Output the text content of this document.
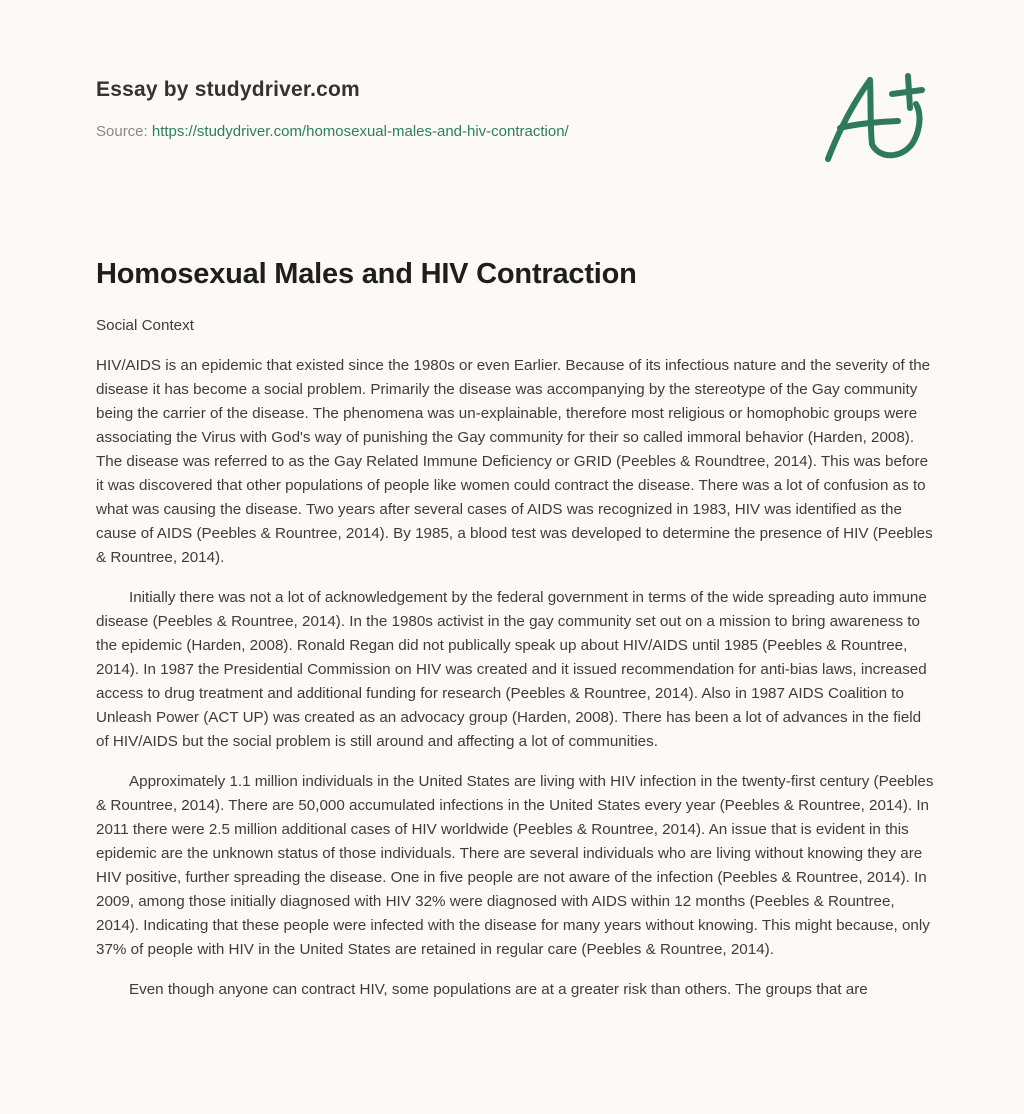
Essay by studydriver.com
Source: https://studydriver.com/homosexual-males-and-hiv-contraction/
Homosexual Males and HIV Contraction
Social Context

HIV/AIDS is an epidemic that existed since the 1980s or even Earlier. Because of its infectious nature and the severity of the disease it has become a social problem. Primarily the disease was accompanying by the stereotype of the Gay community being the carrier of the disease. The phenomena was un-explainable, therefore most religious or homophobic groups were associating the Virus with God's way of punishing the Gay community for their so called immoral behavior (Harden, 2008). The disease was referred to as the Gay Related Immune Deficiency or GRID (Peebles & Roundtree, 2014). This was before it was discovered that other populations of people like women could contract the disease. There was a lot of confusion as to what was causing the disease. Two years after several cases of AIDS was recognized in 1983, HIV was identified as the cause of AIDS (Peebles & Rountree, 2014). By 1985, a blood test was developed to determine the presence of HIV (Peebles & Rountree, 2014).

Initially there was not a lot of acknowledgement by the federal government in terms of the wide spreading auto immune disease (Peebles & Rountree, 2014). In the 1980s activist in the gay community set out on a mission to bring awareness to the epidemic (Harden, 2008). Ronald Regan did not publically speak up about HIV/AIDS until 1985 (Peebles & Rountree, 2014). In 1987 the Presidential Commission on HIV was created and it issued recommendation for anti-bias laws, increased access to drug treatment and additional funding for research (Peebles & Rountree, 2014). Also in 1987 AIDS Coalition to Unleash Power (ACT UP) was created as an advocacy group (Harden, 2008). There has been a lot of advances in the field of HIV/AIDS but the social problem is still around and affecting a lot of communities.

Approximately 1.1 million individuals in the United States are living with HIV infection in the twenty-first century (Peebles & Rountree, 2014). There are 50,000 accumulated infections in the United States every year (Peebles & Rountree, 2014). In 2011 there were 2.5 million additional cases of HIV worldwide (Peebles & Rountree, 2014). An issue that is evident in this epidemic are the unknown status of those individuals. There are several individuals who are living without knowing they are HIV positive, further spreading the disease. One in five people are not aware of the infection (Peebles & Rountree, 2014). In 2009, among those initially diagnosed with HIV 32% were diagnosed with AIDS within 12 months (Peebles & Rountree, 2014). Indicating that these people were infected with the disease for many years without knowing. This might because, only 37% of people with HIV in the United States are retained in regular care (Peebles & Rountree, 2014).

Even though anyone can contract HIV, some populations are at a greater risk than others. The groups that are
